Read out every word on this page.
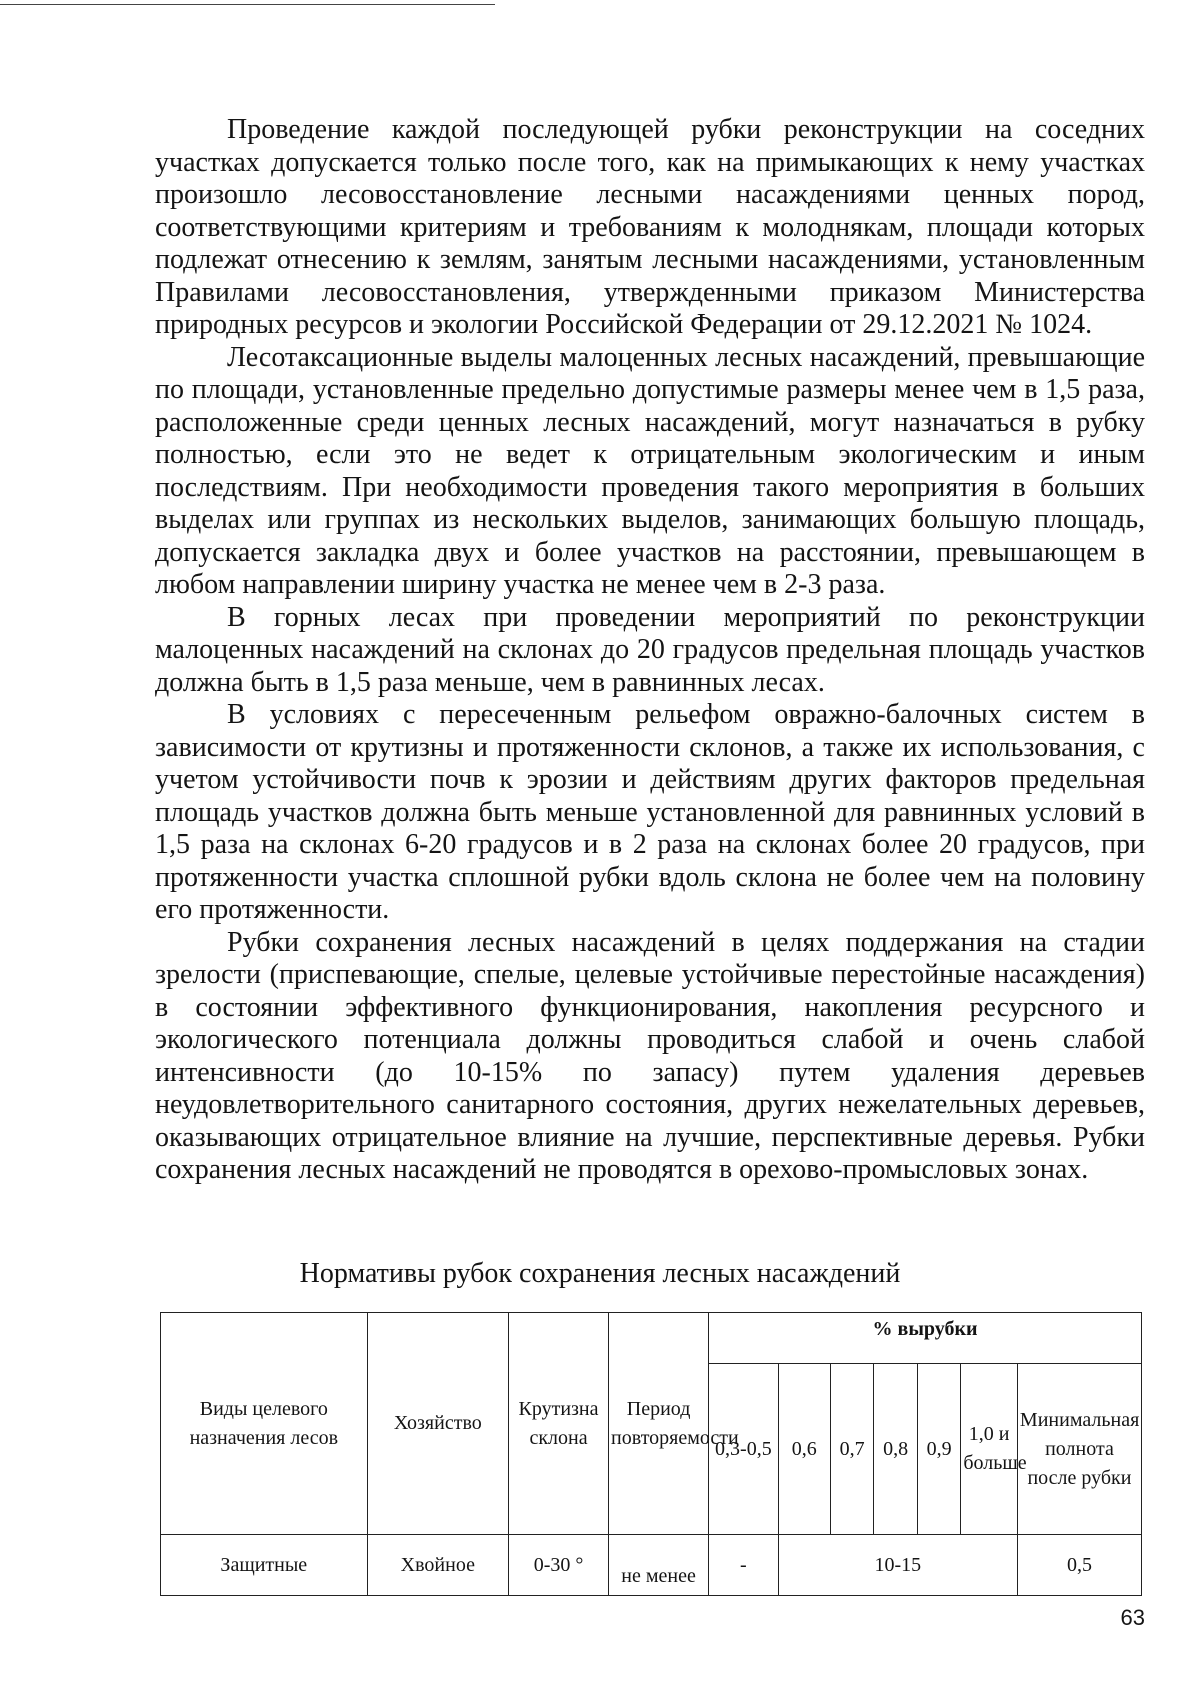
Проведение каждой последующей рубки реконструкции на соседних участках допускается только после того, как на примыкающих к нему участках произошло лесовосстановление лесными насаждениями ценных пород, соответствующими критериям и требованиям к молоднякам, площади которых подлежат отнесению к землям, занятым лесными насаждениями, установленным Правилами лесовосстановления, утвержденными приказом Министерства природных ресурсов и экологии Российской Федерации от 29.12.2021 № 1024.

Лесотаксационные выделы малоценных лесных насаждений, превышающие по площади, установленные предельно допустимые размеры менее чем в 1,5 раза, расположенные среди ценных лесных насаждений, могут назначаться в рубку полностью, если это не ведет к отрицательным экологическим и иным последствиям. При необходимости проведения такого мероприятия в больших выделах или группах из нескольких выделов, занимающих большую площадь, допускается закладка двух и более участков на расстоянии, превышающем в любом направлении ширину участка не менее чем в 2-3 раза.

В горных лесах при проведении мероприятий по реконструкции малоценных насаждений на склонах до 20 градусов предельная площадь участков должна быть в 1,5 раза меньше, чем в равнинных лесах.

В условиях с пересеченным рельефом овражно-балочных систем в зависимости от крутизны и протяженности склонов, а также их использования, с учетом устойчивости почв к эрозии и действиям других факторов предельная площадь участков должна быть меньше установленной для равнинных условий в 1,5 раза на склонах 6-20 градусов и в 2 раза на склонах более 20 градусов, при протяженности участка сплошной рубки вдоль склона не более чем на половину его протяженности.

Рубки сохранения лесных насаждений в целях поддержания на стадии зрелости (приспевающие, спелые, целевые устойчивые перестойные насаждения) в состоянии эффективного функционирования, накопления ресурсного и экологического потенциала должны проводиться слабой и очень слабой интенсивности (до 10-15% по запасу) путем удаления деревьев неудовлетворительного санитарного состояния, других нежелательных деревьев, оказывающих отрицательное влияние на лучшие, перспективные деревья. Рубки сохранения лесных насаждений не проводятся в орехово-промысловых зонах.

Нормативы рубок сохранения лесных насаждений
Виды целевого назначения лесов	Хозяйство	Крутизна склона	Период повторяемости	% вырубки						
				0,3-0,5	0,6	0,7	0,8	0,9	1,0 и больше	Минимальная полнота после рубки
Защитные	Хвойное	0-30 °	не менее	-	10-15					0,5
63
